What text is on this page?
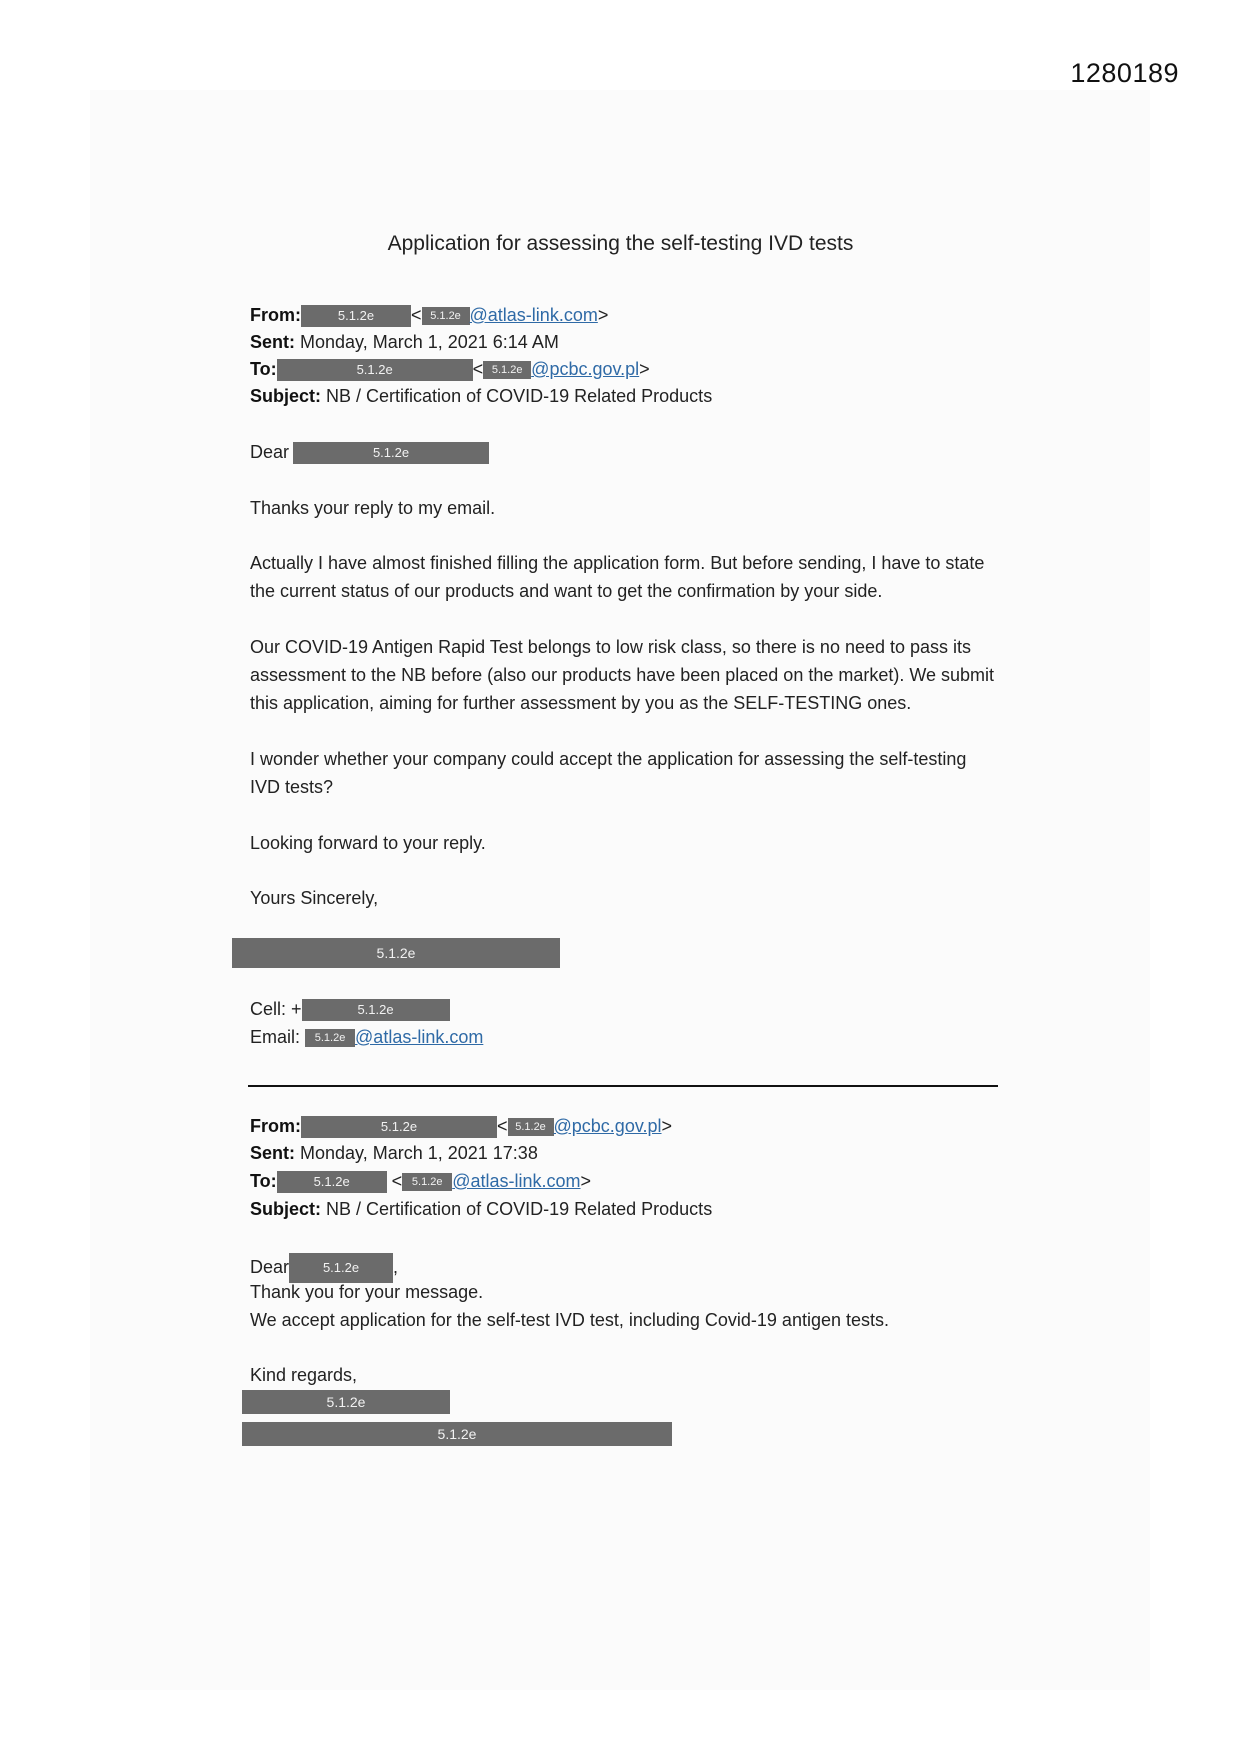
1280189
Application for assessing the self-testing IVD tests
From:	5.1.2e < 5.1.2e @atlas-link.com>
Sent: Monday, March 1, 2021 6:14 AM
To:	5.1.2e	< 5.1.2e @pcbc.gov.pl>
Subject: NB / Certification of COVID-19 Related Products
Dear	5.1.2e
Thanks your reply to my email.
Actually I have almost finished filling the application form. But before sending, I have to state the current status of our products and want to get the confirmation by your side.
Our COVID-19 Antigen Rapid Test belongs to low risk class, so there is no need to pass its assessment to the NB before (also our products have been placed on the market). We submit this application, aiming for further assessment by you as the SELF-TESTING ones.
I wonder whether your company could accept the application for assessing the self-testing IVD tests?
Looking forward to your reply.
Yours Sincerely,
5.1.2e
Cell: +	5.1.2e
Email: 5.1.2e @atlas-link.com
From:	5.1.2e	< 5.1.2e @pcbc.gov.pl>
Sent: Monday, March 1, 2021 17:38
To:	5.1.2e < 5.1.2e @atlas-link.com>
Subject: NB / Certification of COVID-19 Related Products
Dear	5.1.2e ,
Thank you for your message.
We accept application for the self-test IVD test, including Covid-19 antigen tests.
Kind regards,
5.1.2e
5.1.2e
